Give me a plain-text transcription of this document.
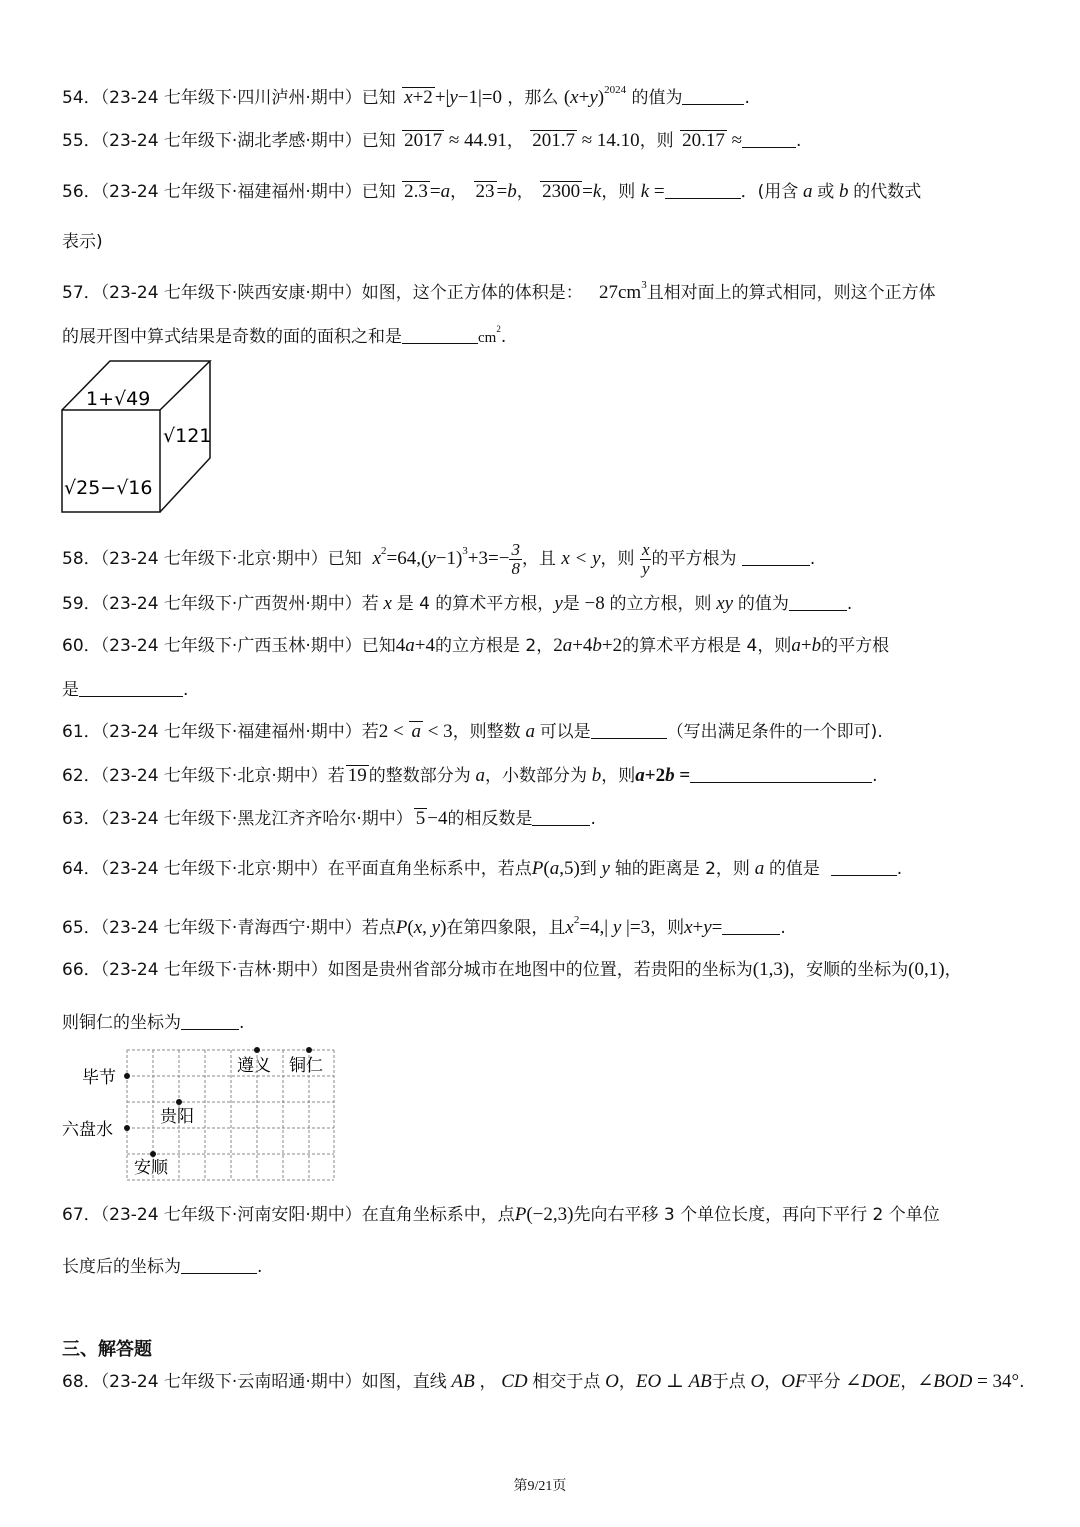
54．（23-24 七年级下·四川泸州·期中）已知 x+2 +|y−1|=0 ，那么 $(x+y)^{2024}$ 的值为	.
55．（23-24 七年级下·湖北孝感·期中）已知 2017 ≈ 44.91， 201.7 ≈ 14.10，则 20.17 ≈	.
56．（23-24 七年级下·福建福州·期中）已知 2.3 =a， 23 =b， 2300 =k，则 k =	．(用含 a 或 b 的代数式
表示)
57．（23-24 七年级下·陕西安康·期中）如图，这个正方体的体积是： $27cm^3$且相对面上的算式相同，则这个正方体
的展开图中算式结果是奇数的面的面积之和是	$cm^2$.
1+√49
√121
√25−√16
58．（23-24 七年级下·北京·期中）已知 $x^2=64,(y-1)^3+3=- \frac{3}{8}$ ，且 x < y，则 $\frac{x}{y}$ 的平方根为	.
59．（23-24 七年级下·广西贺州·期中）若 x 是 4 的算术平方根，y是 −8 的立方根，则 xy 的值为	.
60．（23-24 七年级下·广西玉林·期中）已知4a+4的立方根是 2，2a+4b+2的算术平方根是 4，则a+b的平方根
是	.
61．（23-24 七年级下·福建福州·期中）若2 < a < 3，则整数 a 可以是	（写出满足条件的一个即可).
62．（23-24 七年级下·北京·期中）若 19 的整数部分为 a，小数部分为 b，则a+2b =	.
63．（23-24 七年级下·黑龙江齐齐哈尔·期中） 5 −4的相反数是	.
64．（23-24 七年级下·北京·期中）在平面直角坐标系中，若点P(a,5)到 y 轴的距离是 2，则 a 的值是	.
65．（23-24 七年级下·青海西宁·期中）若点P(x, y)在第四象限，且$x^2=4,|$ y |=3，则x+y=	.
66．（23-24 七年级下·吉林·期中）如图是贵州省部分城市在地图中的位置，若贵阳的坐标为(1,3)，安顺的坐标为(0,1)，
则铜仁的坐标为	.
毕节
六盘水
贵阳
安顺
遵义 铜仁
67．（23-24 七年级下·河南安阳·期中）在直角坐标系中，点P(−2,3)先向右平移 3 个单位长度，再向下平行 2 个单位
长度后的坐标为	.
三、解答题
68．（23-24 七年级下·云南昭通·期中）如图，直线 AB ， CD 相交于点 O，EO ⊥ AB于点 O，OF平分 ∠DOE，∠BOD = 34°.
第9/21页
